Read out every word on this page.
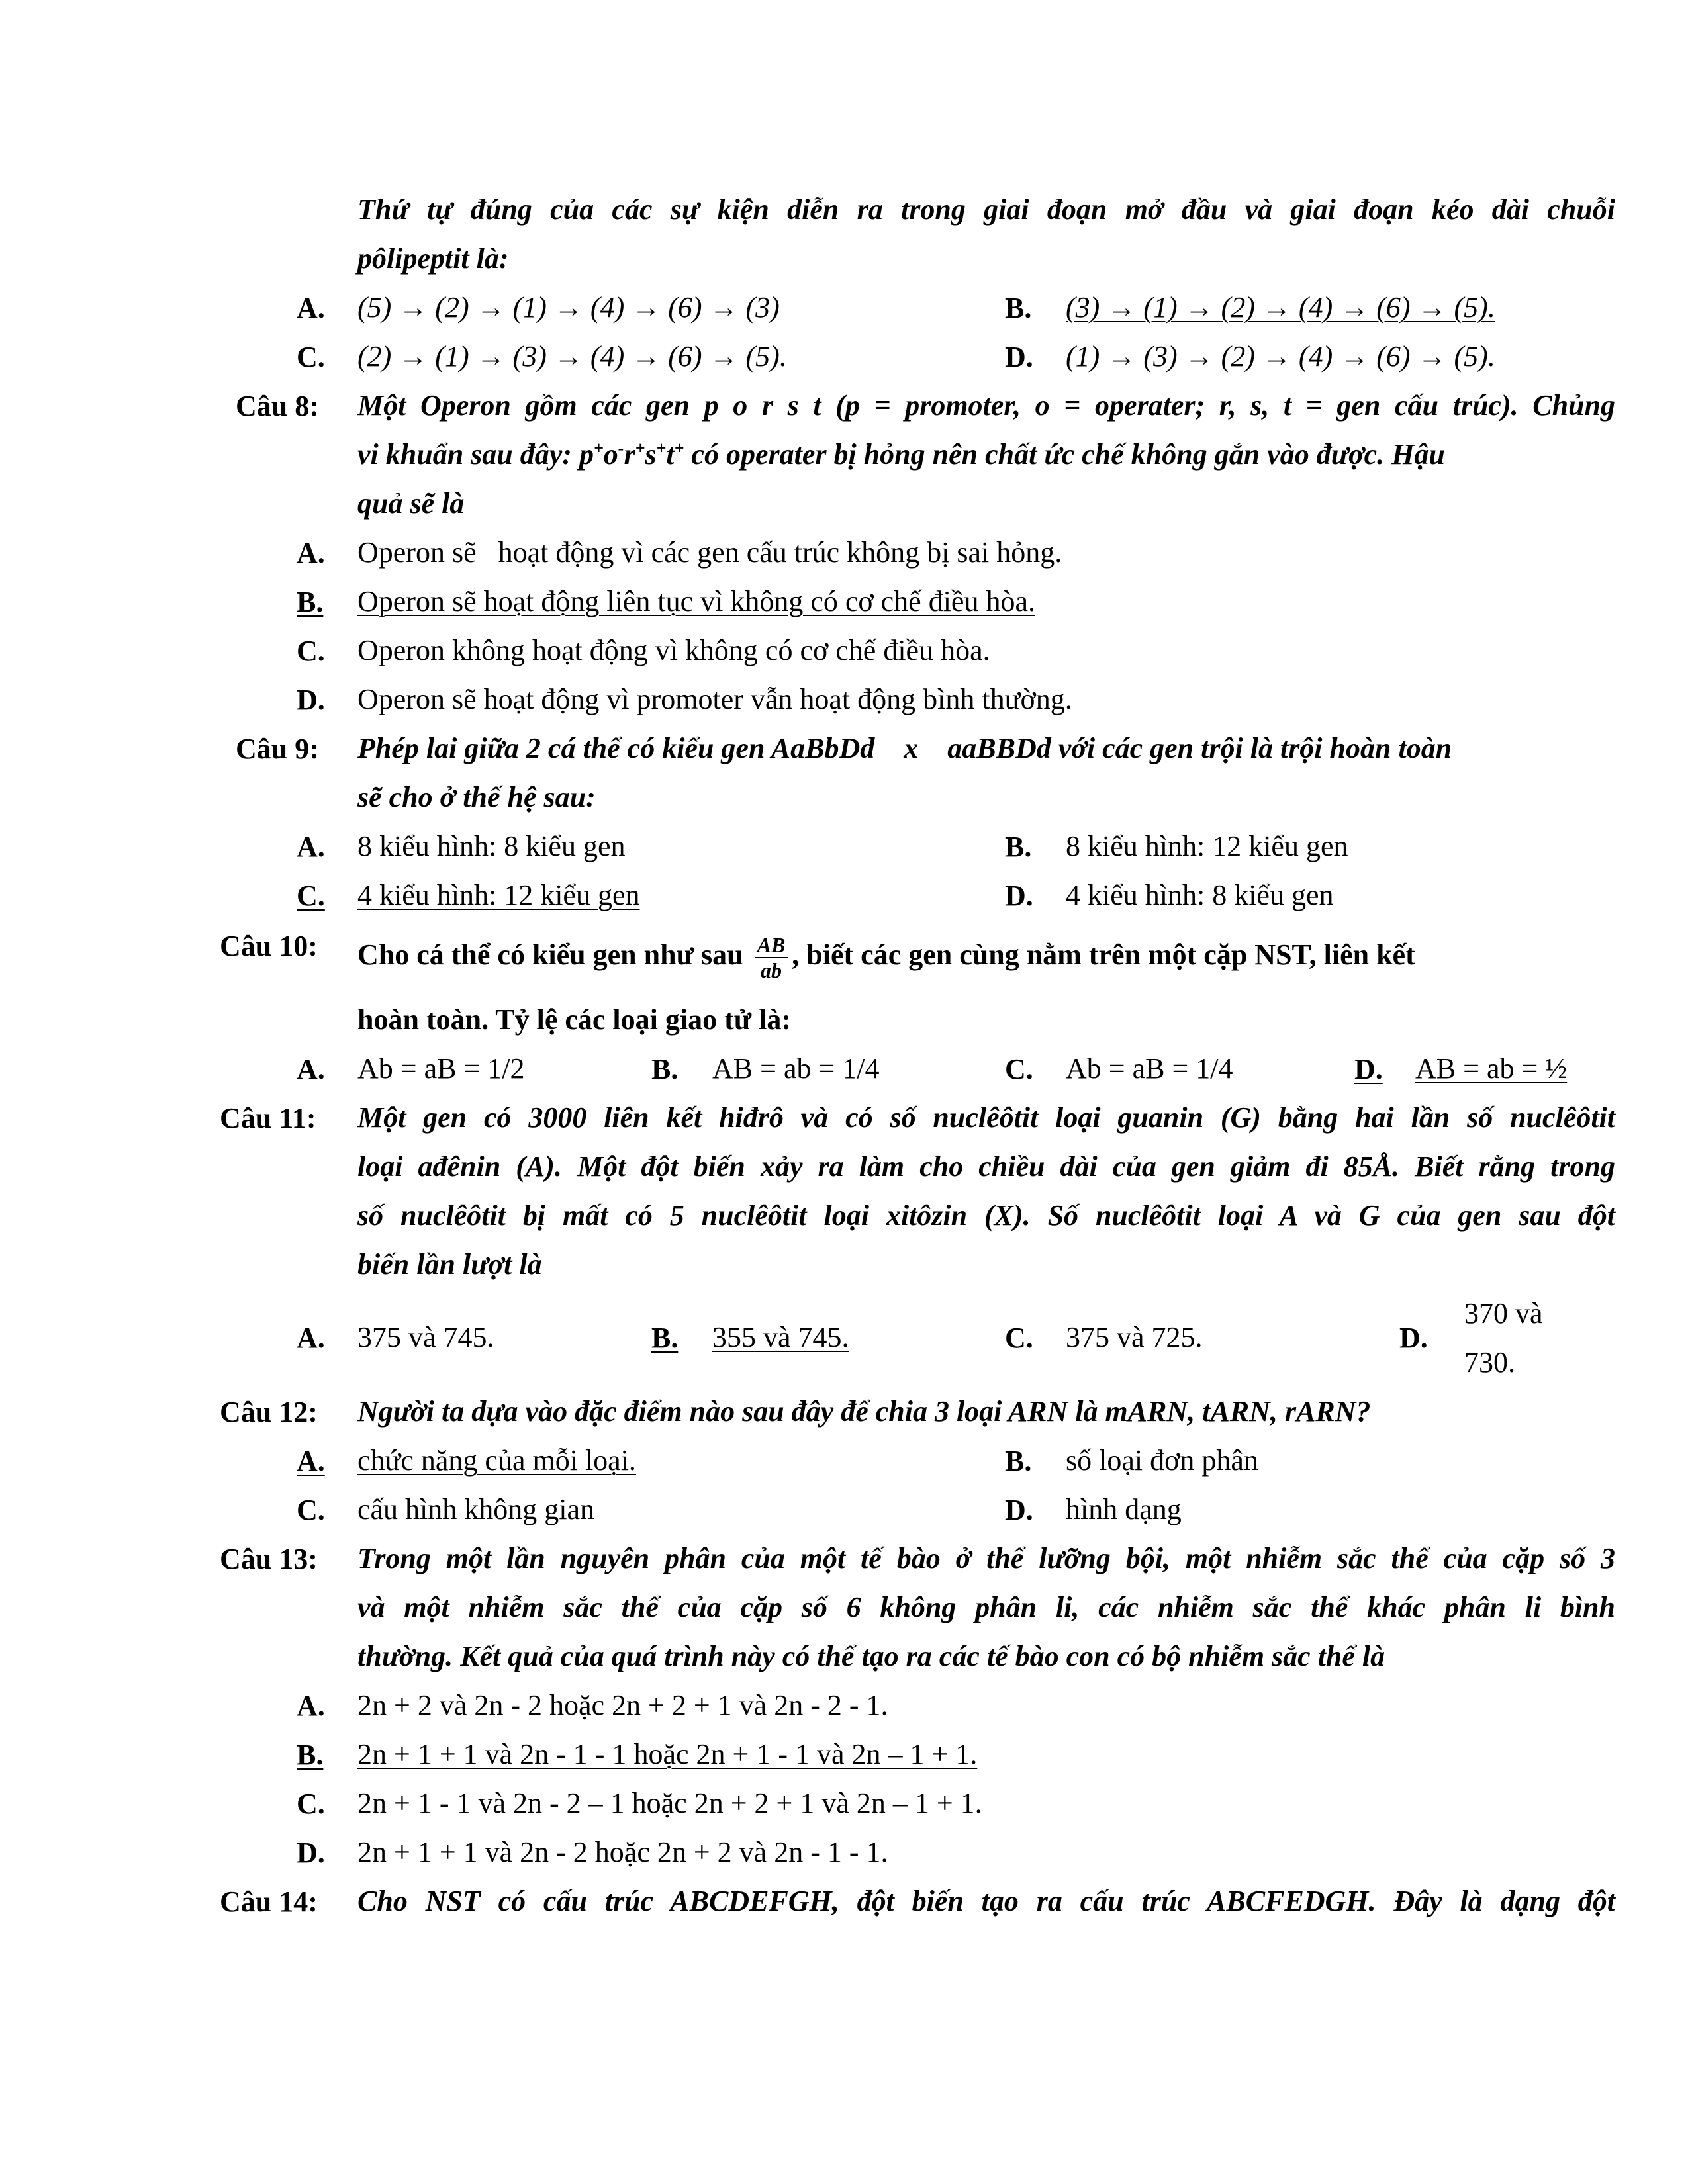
Thứ tự đúng của các sự kiện diễn ra trong giai đoạn mở đầu và giai đoạn kéo dài chuỗi
pôlipeptit là:
A. (5) → (2) → (1) → (4) → (6) → (3)	B. (3) → (1) → (2) → (4) → (6) → (5).
C. (2) → (1) → (3) → (4) → (6) → (5).	D. (1) → (3) → (2) → (4) → (6) → (5).
Câu 8: Một Operon gồm các gen p o r s t (p = promoter, o = operater; r, s, t = gen cấu trúc). Chủng
vi khuẩn sau đây: p+o-r+s+t+ có operater bị hỏng nên chất ức chế không gắn vào được. Hậu
quả sẽ là
A. Operon sẽ   hoạt động vì các gen cấu trúc không bị sai hỏng.
B. Operon sẽ hoạt động liên tục vì không có cơ chế điều hòa.
C. Operon không hoạt động vì không có cơ chế điều hòa.
D. Operon sẽ hoạt động vì promoter vẫn hoạt động bình thường.
Câu 9: Phép lai giữa 2 cá thể có kiểu gen AaBbDd    x    aaBBDd với các gen trội là trội hoàn toàn
sẽ cho ở thế hệ sau:
A. 8 kiểu hình: 8 kiểu gen	B. 8 kiểu hình: 12 kiểu gen
C. 4 kiểu hình: 12 kiểu gen	D. 4 kiểu hình: 8 kiểu gen
Câu 10: Cho cá thể có kiểu gen như sau $\frac{AB}{ab}$ , biết các gen cùng nằm trên một cặp NST, liên kết
hoàn toàn. Tỷ lệ các loại giao tử là:
A. Ab = aB = 1/2	B. AB = ab = 1/4	C. Ab = aB = 1/4	D. AB = ab = ½
Câu 11: Một gen có 3000 liên kết hiđrô và có số nuclêôtit loại guanin (G) bằng hai lần số nuclêôtit
loại ađênin (A). Một đột biến xảy ra làm cho chiều dài của gen giảm đi 85Å. Biết rằng trong
số nuclêôtit bị mất có 5 nuclêôtit loại xitôzin (X). Số nuclêôtit loại A và G của gen sau đột
biến lần lượt là
A. 375 và 745.	B. 355 và 745.	C. 375 và 725.	D.
370 và
730.
Câu 12: Người ta dựa vào đặc điểm nào sau đây để chia 3 loại ARN là mARN, tARN, rARN?
A. chức năng của mỗi loại.	B. số loại đơn phân
C. cấu hình không gian	D. hình dạng
Câu 13: Trong một lần nguyên phân của một tế bào ở thể lưỡng bội, một nhiễm sắc thể của cặp số 3
và một nhiễm sắc thể của cặp số 6 không phân li, các nhiễm sắc thể khác phân li bình
thường. Kết quả của quá trình này có thể tạo ra các tế bào con có bộ nhiễm sắc thể là
A. 2n + 2 và 2n - 2 hoặc 2n + 2 + 1 và 2n - 2 - 1.
B. 2n + 1 + 1 và 2n - 1 - 1 hoặc 2n + 1 - 1 và 2n – 1 + 1.
C. 2n + 1 - 1 và 2n - 2 – 1 hoặc 2n + 2 + 1 và 2n – 1 + 1.
D. 2n + 1 + 1 và 2n - 2 hoặc 2n + 2 và 2n - 1 - 1.
Câu 14: Cho NST có cấu trúc ABCDEFGH, đột biến tạo ra cấu trúc ABCFEDGH. Đây là dạng đột
